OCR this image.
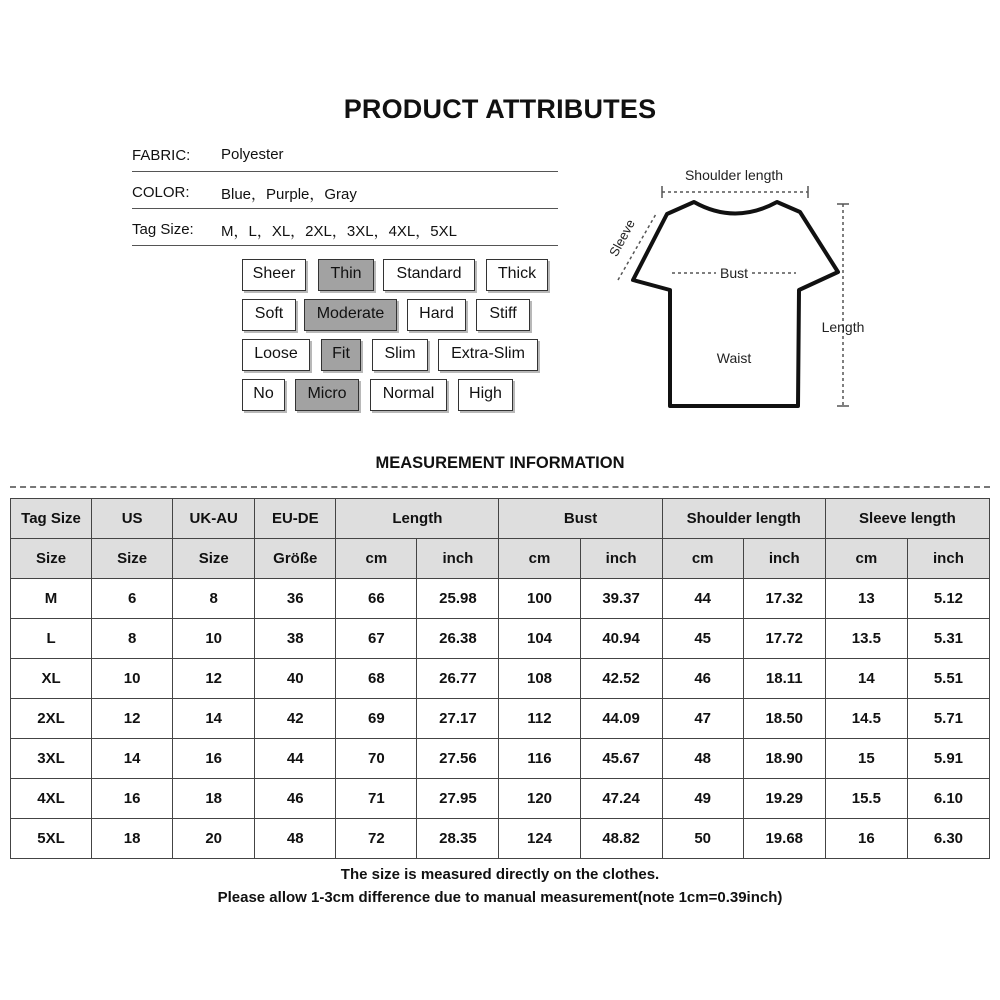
PRODUCT ATTRIBUTES
FABRIC: Polyester
COLOR: Blue，Purple，Gray
Tag Size: M，L，XL，2XL，3XL，4XL，5XL
Sheer	Thin	Standard	Thick
Soft	Moderate	Hard	Stiff
Loose	Fit	Slim	Extra-Slim
No	Micro	Normal	High
Shoulder length
Sleeve
Bust
Waist
Length
MEASUREMENT INFORMATION
Tag Size	US	UK-AU	EU-DE	Length		Bust		Shoulder length		Sleeve length	
Size	Size	Size	Größe	cm	inch	cm	inch	cm	inch	cm	inch
M	6	8	36	66	25.98	100	39.37	44	17.32	13	5.12
L	8	10	38	67	26.38	104	40.94	45	17.72	13.5	5.31
XL	10	12	40	68	26.77	108	42.52	46	18.11	14	5.51
2XL	12	14	42	69	27.17	112	44.09	47	18.50	14.5	5.71
3XL	14	16	44	70	27.56	116	45.67	48	18.90	15	5.91
4XL	16	18	46	71	27.95	120	47.24	49	19.29	15.5	6.10
5XL	18	20	48	72	28.35	124	48.82	50	19.68	16	6.30
The size is measured directly on the clothes.
Please allow 1-3cm difference due to manual measurement(note 1cm=0.39inch)
